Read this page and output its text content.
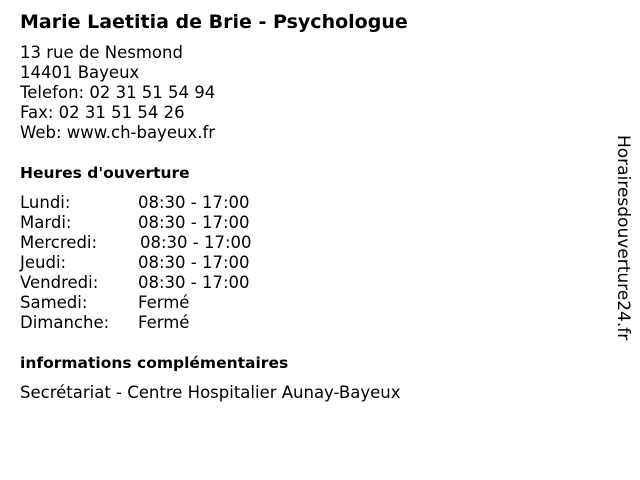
Marie Laetitia de Brie - Psychologue
13 rue de Nesmond
14401 Bayeux
Telefon: 02 31 51 54 94
Fax: 02 31 51 54 26
Web: www.ch-bayeux.fr
Heures d'ouverture
Lundi:	08:30 - 17:00
Mardi:	08:30 - 17:00
Mercredi:	08:30 - 17:00
Jeudi:	08:30 - 17:00
Vendredi: 08:30 - 17:00
Samedi:	Fermé
Dimanche: Fermé
informations complémentaires
Secrétariat - Centre Hospitalier Aunay-Bayeux
Horairesdouverture24.fr
